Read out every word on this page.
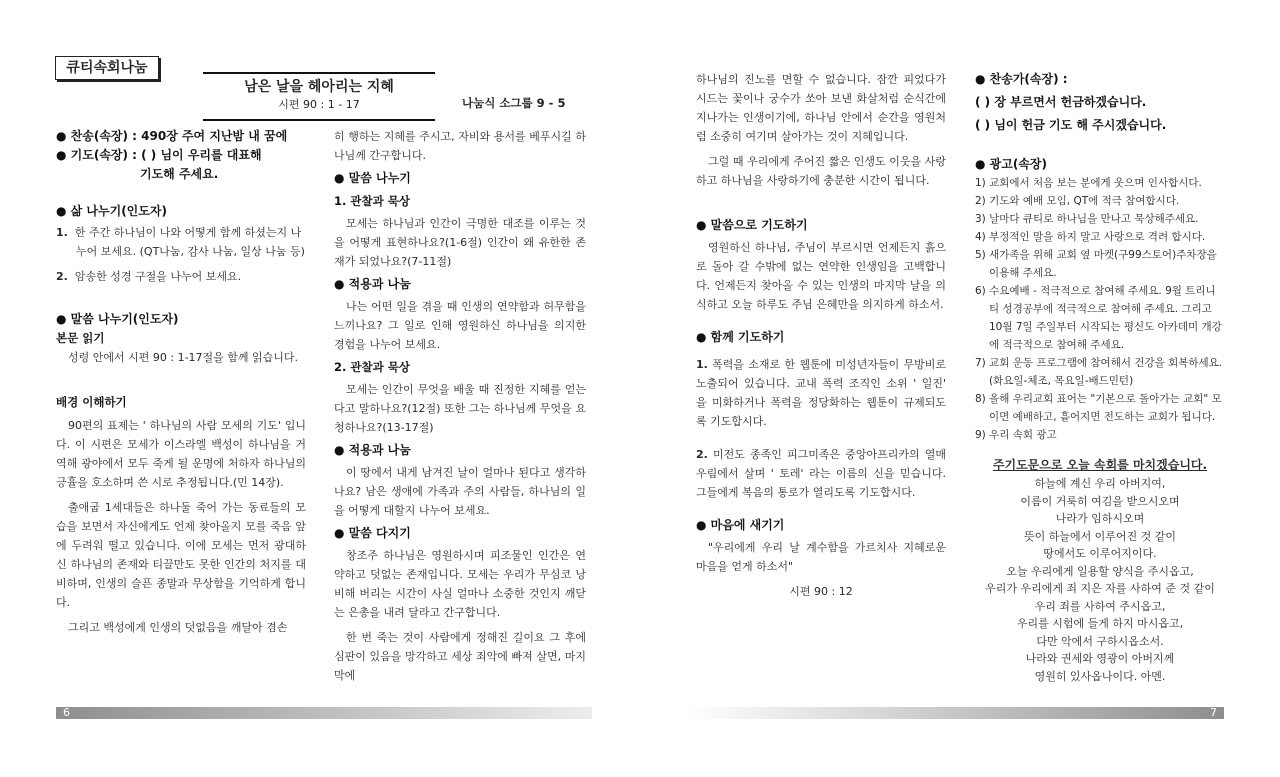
큐티속회나눔
남은 날을 헤아리는 지혜
시편 90 : 1 - 17	나눔식 소그룹 9 - 5

● 찬송(속장) : 490장 주여 지난밤 내 꿈에

● 기도(속장) : ( ) 님이 우리를 대표해

기도해 주세요.

● 삶 나누기(인도자)

1. 한 주간 하나님이 나와 어떻게 함께 하셨는지 나누어 보세요. (QT나눔, 감사 나눔, 일상 나눔 등)

2. 암송한 성경 구절을 나누어 보세요.

● 말씀 나누기(인도자)

본문 읽기

성령 안에서 시편 90 : 1-17절을 함께 읽습니다.

배경 이해하기

90편의 표제는 ' 하나님의 사람 모세의 기도' 입니다. 이 시편은 모세가 이스라엘 백성이 하나님을 거역해 광야에서 모두 죽게 될 운명에 처하자 하나님의 긍휼을 호소하며 쓴 시로 추정됩니다.(민 14장).

출애굽 1세대들은 하나둘 죽어 가는 동료들의 모습을 보면서 자신에게도 언제 찾아올지 모를 죽음 앞에 두려워 떨고 있습니다. 이에 모세는 먼저 광대하신 하나님의 존재와 티끌만도 못한 인간의 처지를 대비하며, 인생의 슬픈 종말과 무상함을 기억하게 합니다.

그리고 백성에게 인생의 덧없음을 깨달아 겸손

히 행하는 지혜를 주시고, 자비와 용서를 베푸시길 하나님께 간구합니다.

● 말씀 나누기

1. 관찰과 묵상

모세는 하나님과 인간이 극명한 대조를 이루는 것을 어떻게 표현하나요?(1-6절) 인간이 왜 유한한 존재가 되었나요?(7-11절)

● 적용과 나눔

나는 어떤 일을 겪을 때 인생의 연약함과 허무함을 느끼나요? 그 일로 인해 영원하신 하나님을 의지한 경험을 나누어 보세요.

2. 관찰과 묵상

모세는 인간이 무엇을 배울 때 진정한 지혜를 얻는다고 말하나요?(12절) 또한 그는 하나님께 무엇을 요청하나요?(13-17절)

● 적용과 나눔

이 땅에서 내게 남겨진 날이 얼마나 된다고 생각하나요? 남은 생애에 가족과 주의 사람들, 하나님의 일을 어떻게 대할지 나누어 보세요.

● 말씀 다지기

창조주 하나님은 영원하시며 피조물인 인간은 연약하고 덧없는 존재입니다. 모세는 우리가 무심코 낭비해 버리는 시간이 사실 얼마나 소중한 것인지 깨닫는 은총을 내려 달라고 간구합니다.

한 번 죽는 것이 사람에게 정해진 길이요 그 후에 심판이 있음을 망각하고 세상 죄악에 빠져 살면, 마지막에

하나님의 진노를 면할 수 없습니다. 잠깐 피었다가 시드는 꽃이나 궁수가 쏘아 보낸 화살처럼 순식간에 지나가는 인생이기에, 하나님 안에서 순간을 영원처럼 소중히 여기며 살아가는 것이 지혜입니다.

그럴 때 우리에게 주어진 짧은 인생도 이웃을 사랑하고 하나님을 사랑하기에 충분한 시간이 됩니다.

● 말씀으로 기도하기

영원하신 하나님, 주님이 부르시면 언제든지 흙으로 돌아 갈 수밖에 없는 연약한 인생임을 고백합니다. 언제든지 찾아올 수 있는 인생의 마지막 날을 의식하고 오늘 하루도 주님 은혜만을 의지하게 하소서.

● 함께 기도하기

1. 폭력을 소재로 한 웹툰에 미성년자들이 무방비로 노출되어 있습니다. 교내 폭력 조직인 소위 ' 일진' 을 미화하거나 폭력을 정당화하는 웹툰이 규제되도록 기도합시다.

2. 미전도 종족인 피그미족은 중앙아프리카의 열매 우림에서 살며 ' 토레' 라는 이름의 신을 믿습니다. 그들에게 복음의 통로가 열리도록 기도합시다.

● 마음에 새기기

"우리에게 우리 날 계수함을 가르치사 지혜로운 마음을 얻게 하소서"

시편 90 : 12

● 찬송가(속장) :

( ) 장 부르면서 헌금하겠습니다.

( ) 님이 헌금 기도 해 주시겠습니다.

● 광고(속장)

1) 교회에서 처음 보는 분에게 웃으며 인사합시다.

2) 기도와 예배 모임, QT에 적극 참여합시다.

3) 날마다 큐티로 하나님을 만나고 묵상해주세요.

4) 부정적인 말을 하지 말고 사랑으로 격려 합시다.

5) 새가족을 위해 교회 옆 마켓(구99스토어)주차장을 이용해 주세요.

6) 수요예배 - 적극적으로 참여해 주세요. 9월 트리니티 성경공부에 적극적으로 참여해 주세요. 그리고 10월 7일 주일부터 시작되는 평신도 아카데미 개강에 적극적으로 참여해 주세요.

7) 교회 운동 프로그램에 참여해서 건강을 회복하세요. (화요일-체조, 목요일-배드민턴)

8) 올해 우리교회 표어는 "기본으로 돌아가는 교회" 모이면 예배하고, 흩어지면 전도하는 교회가 됩니다.

9) 우리 속회 광고

주기도문으로 오늘 속회를 마치겠습니다.

하늘에 계신 우리 아버지여,

이름이 거룩히 여김을 받으시오며

나라가 임하시오며

뜻이 하늘에서 이루어진 것 같이

땅에서도 이루어지이다.

오늘 우리에게 일용할 양식을 주시옵고,

우리가 우리에게 죄 지은 자를 사하여 준 것 같이

우리 죄를 사하여 주시옵고,

우리를 시험에 들게 하지 마시옵고,

다만 악에서 구하시옵소서.

나라와 권세와 영광이 아버지께

영원히 있사옵나이다. 아멘.

6	7
